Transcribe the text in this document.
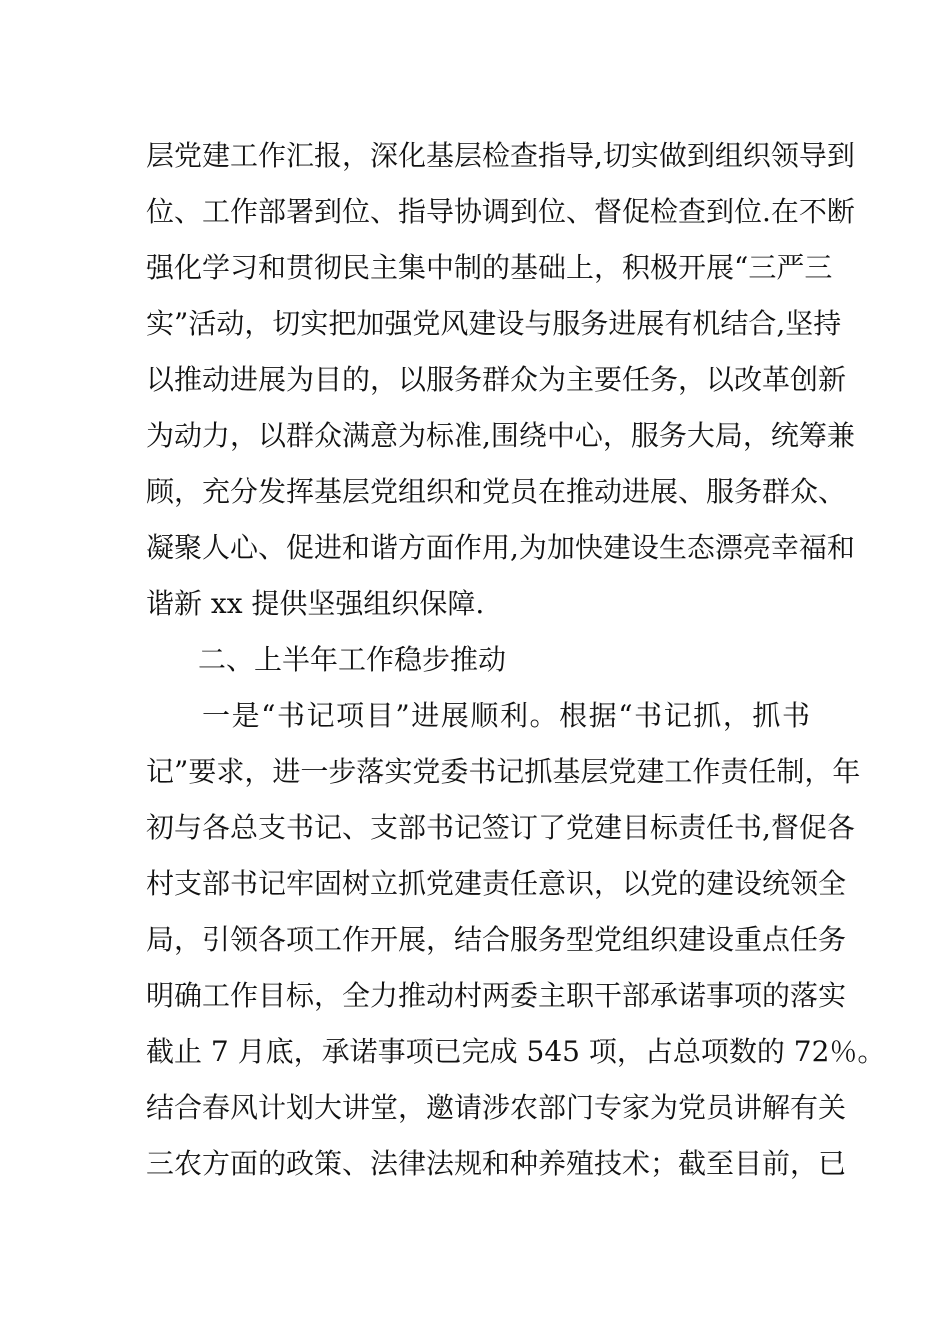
层党建工作汇报，深化基层检查指导,切实做到组织领导到
位、工作部署到位、指导协调到位、督促检查到位.在不断
强化学习和贯彻民主集中制的基础上，积极开展“三严三
实”活动，切实把加强党风建设与服务进展有机结合,坚持
以推动进展为目的，以服务群众为主要任务，以改革创新
为动力，以群众满意为标准,围绕中心，服务大局，统筹兼
顾，充分发挥基层党组织和党员在推动进展、服务群众、
凝聚人心、促进和谐方面作用,为加快建设生态漂亮幸福和
谐新 xx 提供坚强组织保障.
二、上半年工作稳步推动
一是“书记项目”进展顺利。根据“书记抓，抓书
记”要求，进一步落实党委书记抓基层党建工作责任制，年
初与各总支书记、支部书记签订了党建目标责任书,督促各
村支部书记牢固树立抓党建责任意识，以党的建设统领全
局，引领各项工作开展，结合服务型党组织建设重点任务
明确工作目标，全力推动村两委主职干部承诺事项的落实
截止 7 月底，承诺事项已完成 545 项，占总项数的 72％。
结合春风计划大讲堂，邀请涉农部门专家为党员讲解有关
三农方面的政策、法律法规和种养殖技术；截至目前，已
